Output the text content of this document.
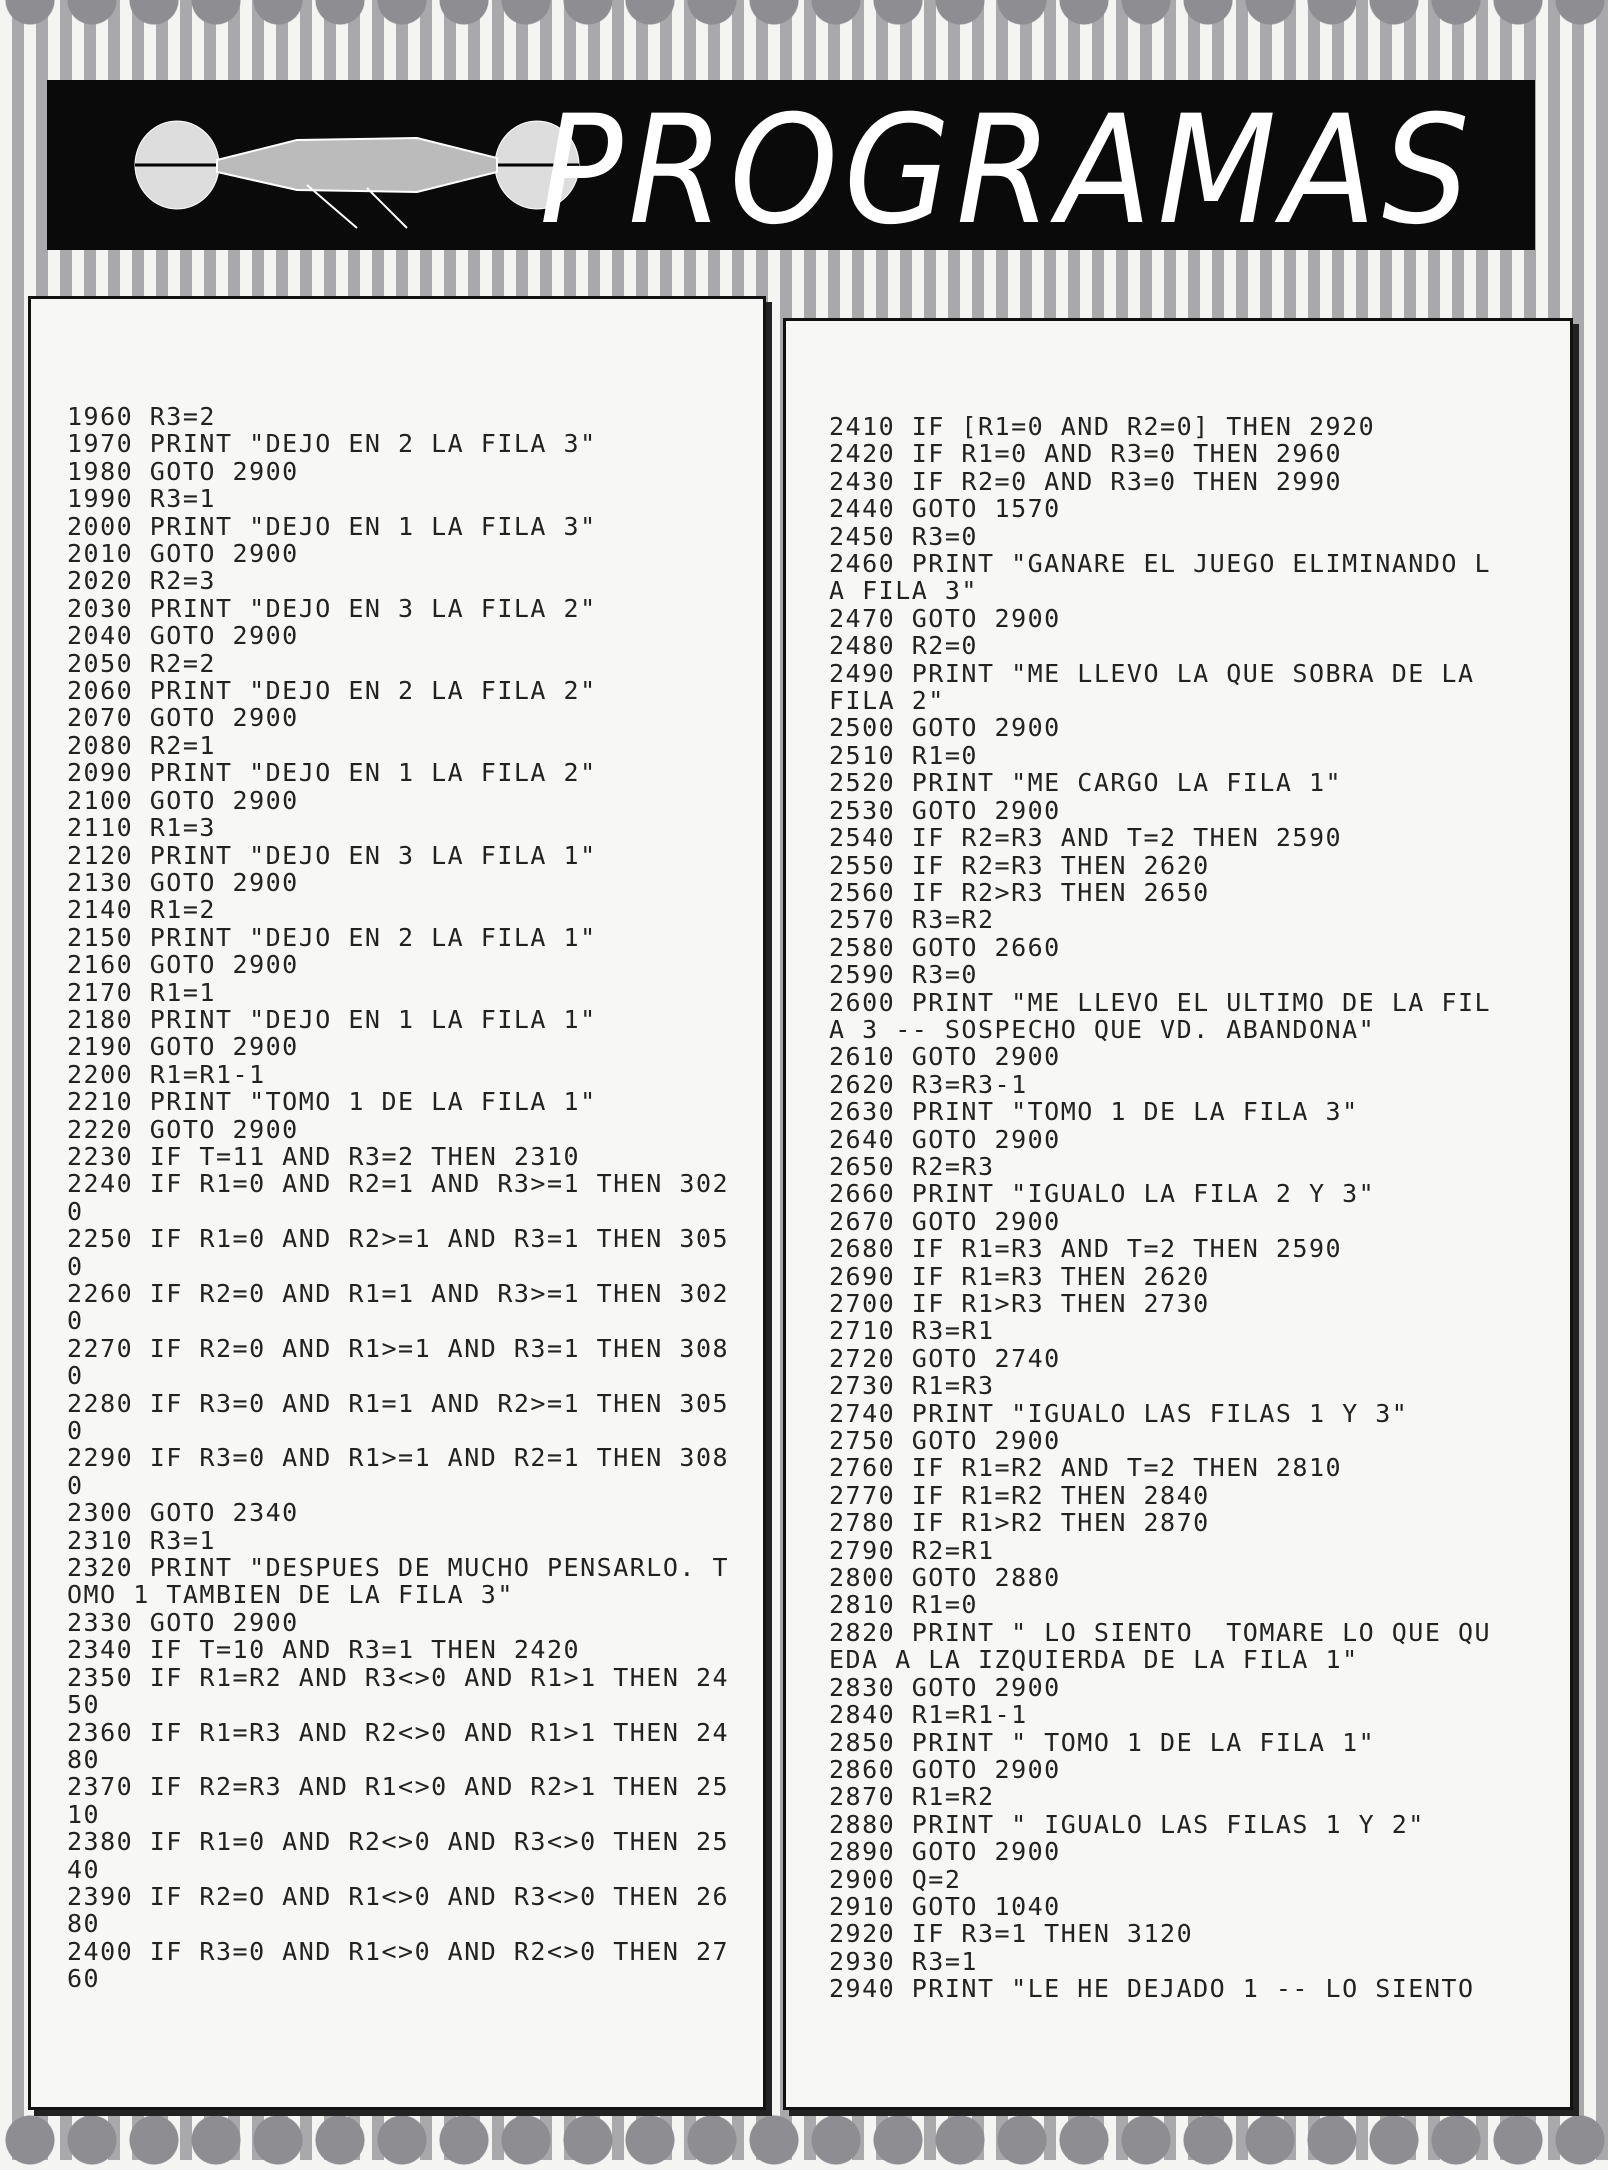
PROGRAMAS
1960 R3=2
1970 PRINT "DEJO EN 2 LA FILA 3"
1980 GOTO 2900
1990 R3=1
2000 PRINT "DEJO EN 1 LA FILA 3"
2010 GOTO 2900
2020 R2=3
2030 PRINT "DEJO EN 3 LA FILA 2"
2040 GOTO 2900
2050 R2=2
2060 PRINT "DEJO EN 2 LA FILA 2"
2070 GOTO 2900
2080 R2=1
2090 PRINT "DEJO EN 1 LA FILA 2"
2100 GOTO 2900
2110 R1=3
2120 PRINT "DEJO EN 3 LA FILA 1"
2130 GOTO 2900
2140 R1=2
2150 PRINT "DEJO EN 2 LA FILA 1"
2160 GOTO 2900
2170 R1=1
2180 PRINT "DEJO EN 1 LA FILA 1"
2190 GOTO 2900
2200 R1=R1-1
2210 PRINT "TOMO 1 DE LA FILA 1"
2220 GOTO 2900
2230 IF T=11 AND R3=2 THEN 2310
2240 IF R1=0 AND R2=1 AND R3>=1 THEN 302
0
2250 IF R1=0 AND R2>=1 AND R3=1 THEN 305
0
2260 IF R2=0 AND R1=1 AND R3>=1 THEN 302
0
2270 IF R2=0 AND R1>=1 AND R3=1 THEN 308
0
2280 IF R3=0 AND R1=1 AND R2>=1 THEN 305
0
2290 IF R3=0 AND R1>=1 AND R2=1 THEN 308
0
2300 GOTO 2340
2310 R3=1
2320 PRINT "DESPUES DE MUCHO PENSARLO. T
OMO 1 TAMBIEN DE LA FILA 3"
2330 GOTO 2900
2340 IF T=10 AND R3=1 THEN 2420
2350 IF R1=R2 AND R3<>0 AND R1>1 THEN 24
50
2360 IF R1=R3 AND R2<>0 AND R1>1 THEN 24
80
2370 IF R2=R3 AND R1<>0 AND R2>1 THEN 25
10
2380 IF R1=0 AND R2<>0 AND R3<>0 THEN 25
40
2390 IF R2=O AND R1<>0 AND R3<>0 THEN 26
80
2400 IF R3=0 AND R1<>0 AND R2<>0 THEN 27
60
2410 IF [R1=0 AND R2=0] THEN 2920
2420 IF R1=0 AND R3=0 THEN 2960
2430 IF R2=0 AND R3=0 THEN 2990
2440 GOTO 1570
2450 R3=0
2460 PRINT "GANARE EL JUEGO ELIMINANDO L
A FILA 3"
2470 GOTO 2900
2480 R2=0
2490 PRINT "ME LLEVO LA QUE SOBRA DE LA
FILA 2"
2500 GOTO 2900
2510 R1=0
2520 PRINT "ME CARGO LA FILA 1"
2530 GOTO 2900
2540 IF R2=R3 AND T=2 THEN 2590
2550 IF R2=R3 THEN 2620
2560 IF R2>R3 THEN 2650
2570 R3=R2
2580 GOTO 2660
2590 R3=0
2600 PRINT "ME LLEVO EL ULTIMO DE LA FIL
A 3 -- SOSPECHO QUE VD. ABANDONA"
2610 GOTO 2900
2620 R3=R3-1
2630 PRINT "TOMO 1 DE LA FILA 3"
2640 GOTO 2900
2650 R2=R3
2660 PRINT "IGUALO LA FILA 2 Y 3"
2670 GOTO 2900
2680 IF R1=R3 AND T=2 THEN 2590
2690 IF R1=R3 THEN 2620
2700 IF R1>R3 THEN 2730
2710 R3=R1
2720 GOTO 2740
2730 R1=R3
2740 PRINT "IGUALO LAS FILAS 1 Y 3"
2750 GOTO 2900
2760 IF R1=R2 AND T=2 THEN 2810
2770 IF R1=R2 THEN 2840
2780 IF R1>R2 THEN 2870
2790 R2=R1
2800 GOTO 2880
2810 R1=0
2820 PRINT " LO SIENTO  TOMARE LO QUE QU
EDA A LA IZQUIERDA DE LA FILA 1"
2830 GOTO 2900
2840 R1=R1-1
2850 PRINT " TOMO 1 DE LA FILA 1"
2860 GOTO 2900
2870 R1=R2
2880 PRINT " IGUALO LAS FILAS 1 Y 2"
2890 GOTO 2900
2900 Q=2
2910 GOTO 1040
2920 IF R3=1 THEN 3120
2930 R3=1
2940 PRINT "LE HE DEJADO 1 -- LO SIENTO
